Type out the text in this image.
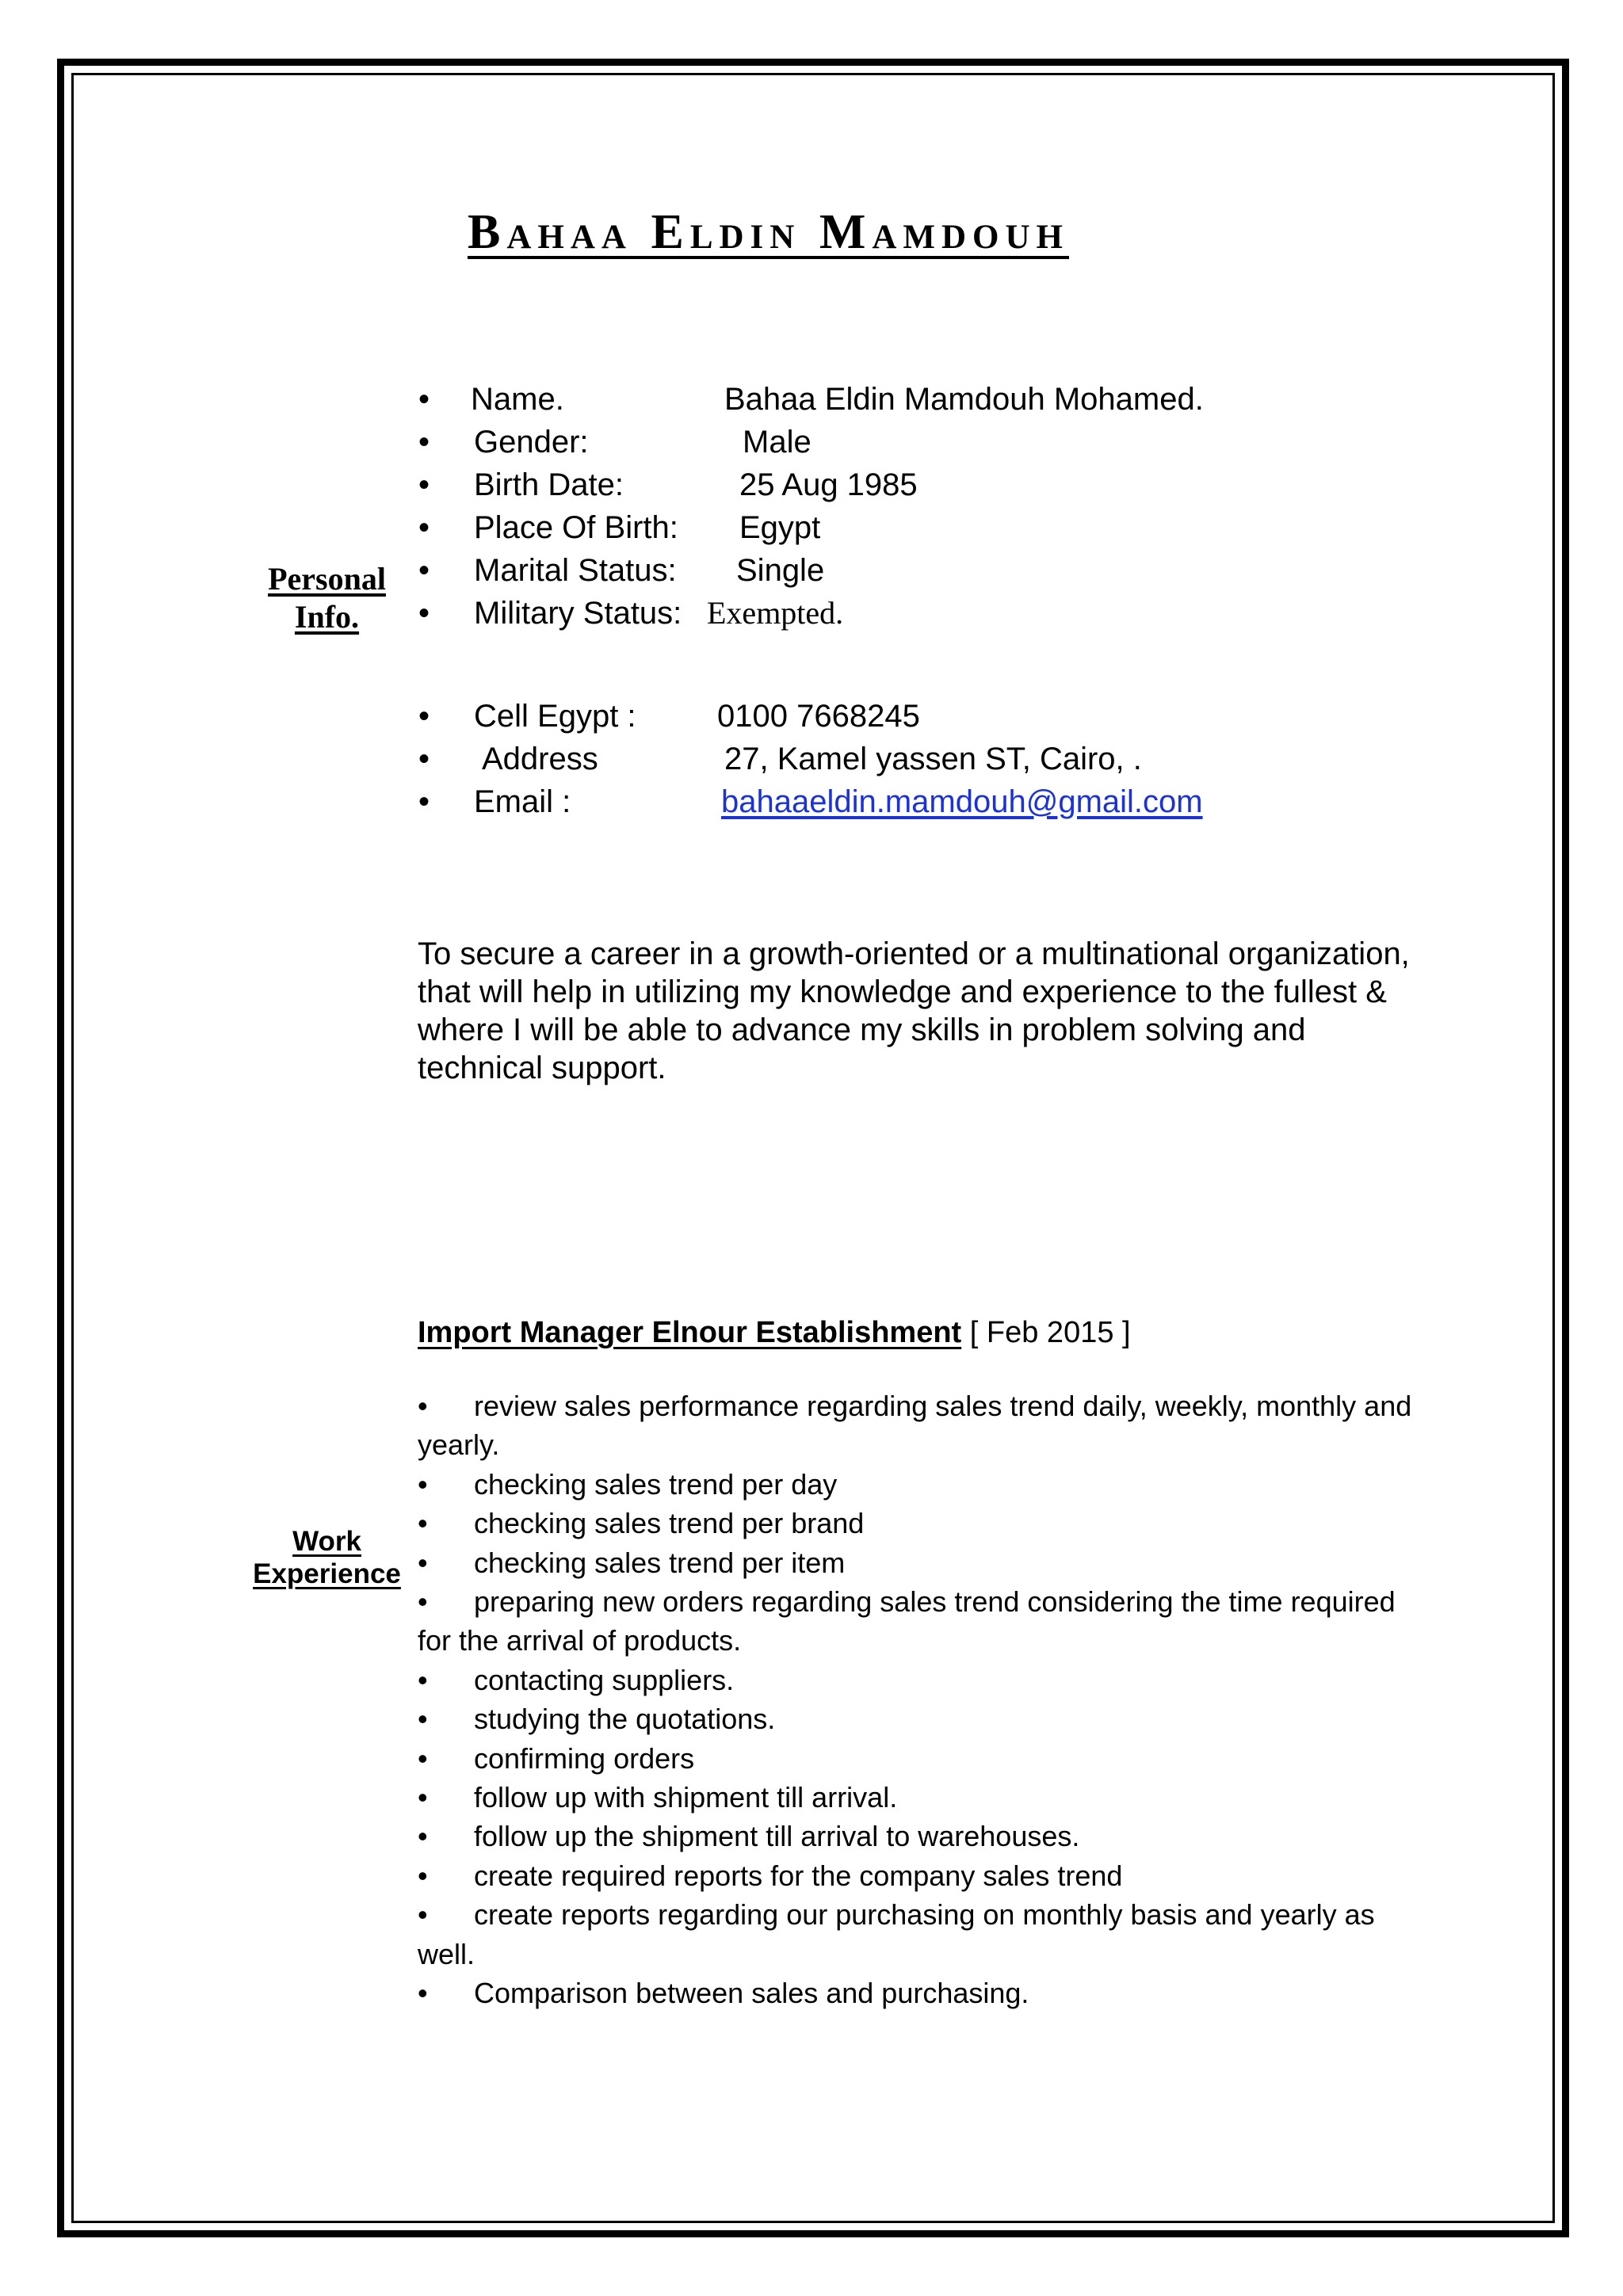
Bahaa Eldin Mamdouh
Personal Info.
•
Name.	Bahaa Eldin Mamdouh Mohamed.
•
Gender:	Male
•
Birth Date:	25 Aug 1985
•
Place Of Birth: Egypt
•
Marital Status: Single
•
Military Status: Exempted.
•
Cell Egypt :	0100 7668245
•
Address	27, Kamel yassen ST, Cairo, .
•
Email :	bahaaeldin.mamdouh@gmail.com

To secure a career in a growth-oriented or a multinational organization, that will help in utilizing my knowledge and experience to the fullest & where I will be able to advance my skills in problem solving and technical support.

Work Experience
Import Manager Elnour Establishment [ Feb 2015 ]
•review sales performance regarding sales trend daily, weekly, monthly and yearly.
•checking sales trend per day
•checking sales trend per brand
•checking sales trend per item
•preparing new orders regarding sales trend considering the time required for the arrival of products.
•contacting suppliers.
•studying the quotations.
•confirming orders
•follow up with shipment till arrival.
•follow up the shipment till arrival to warehouses.
•create required reports for the company sales trend
•create reports regarding our purchasing on monthly basis and yearly as well.
•Comparison between sales and purchasing.
